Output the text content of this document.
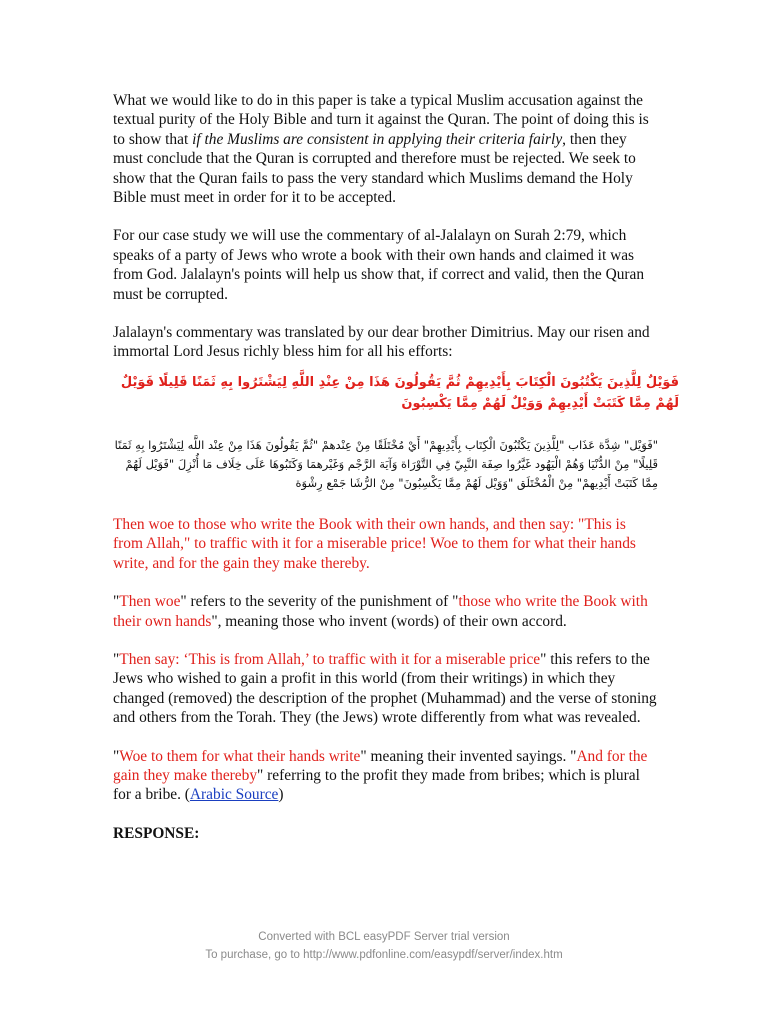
What we would like to do in this paper is take a typical Muslim accusation against the textual purity of the Holy Bible and turn it against the Quran. The point of doing this is to show that if the Muslims are consistent in applying their criteria fairly, then they must conclude that the Quran is corrupted and therefore must be rejected. We seek to show that the Quran fails to pass the very standard which Muslims demand the Holy Bible must meet in order for it to be accepted.

For our case study we will use the commentary of al-Jalalayn on Surah 2:79, which speaks of a party of Jews who wrote a book with their own hands and claimed it was from God. Jalalayn's points will help us show that, if correct and valid, then the Quran must be corrupted.

Jalalayn's commentary was translated by our dear brother Dimitrius. May our risen and immortal Lord Jesus richly bless him for all his efforts:

فَوَيْلٌ لِلَّذِينَ يَكْتُبُونَ الْكِتَابَ بِأَيْدِيهِمْ ثُمَّ يَقُولُونَ هَذَا مِنْ عِنْدِ اللَّهِ لِيَشْتَرُوا بِهِ ثَمَنًا قَلِيلًا فَوَيْلٌ لَهُمْ مِمَّا كَتَبَتْ أَيْدِيهِمْ وَوَيْلٌ لَهُمْ مِمَّا يَكْسِبُونَ

"فَوَيْل" شِدَّة عَذَاب "لِلَّذِينَ يَكْتُبُونَ الْكِتَاب بِأَيْدِيهِمْ" أَيْ مُخْتَلَقًا مِنْ عِنْدهمْ "ثُمَّ يَقُولُونَ هَذَا مِنْ عِنْد اللَّه لِيَشْتَرُوا بِهِ ثَمَنًا قَلِيلًا" مِنْ الدُّنْيَا وَهُمْ الْيَهُود غَيَّرُوا صِفَة النَّبِيّ فِي التَّوْرَاة وَآيَة الرَّجْم وَغَيْرهمَا وَكَتَبُوهَا عَلَى خِلَاف مَا أُنْزِلَ "فَوَيْل لَهُمْ مِمَّا كَتَبَتْ أَيْدِيهمْ" مِنْ الْمُخْتَلَق "وَوَيْل لَهُمْ مِمَّا يَكْسِبُونَ" مِنْ الرُّشَا جَمْع رِشْوَة

Then woe to those who write the Book with their own hands, and then say: "This is from Allah," to traffic with it for a miserable price! Woe to them for what their hands write, and for the gain they make thereby.

"Then woe" refers to the severity of the punishment of "those who write the Book with their own hands", meaning those who invent (words) of their own accord.

"Then say: ‘This is from Allah,’ to traffic with it for a miserable price" this refers to the Jews who wished to gain a profit in this world (from their writings) in which they changed (removed) the description of the prophet (Muhammad) and the verse of stoning and others from the Torah. They (the Jews) wrote differently from what was revealed.

"Woe to them for what their hands write" meaning their invented sayings. "And for the gain they make thereby" referring to the profit they made from bribes; which is plural for a bribe. (Arabic Source)

RESPONSE:

Converted with BCL easyPDF Server trial version
To purchase, go to http://www.pdfonline.com/easypdf/server/index.htm
